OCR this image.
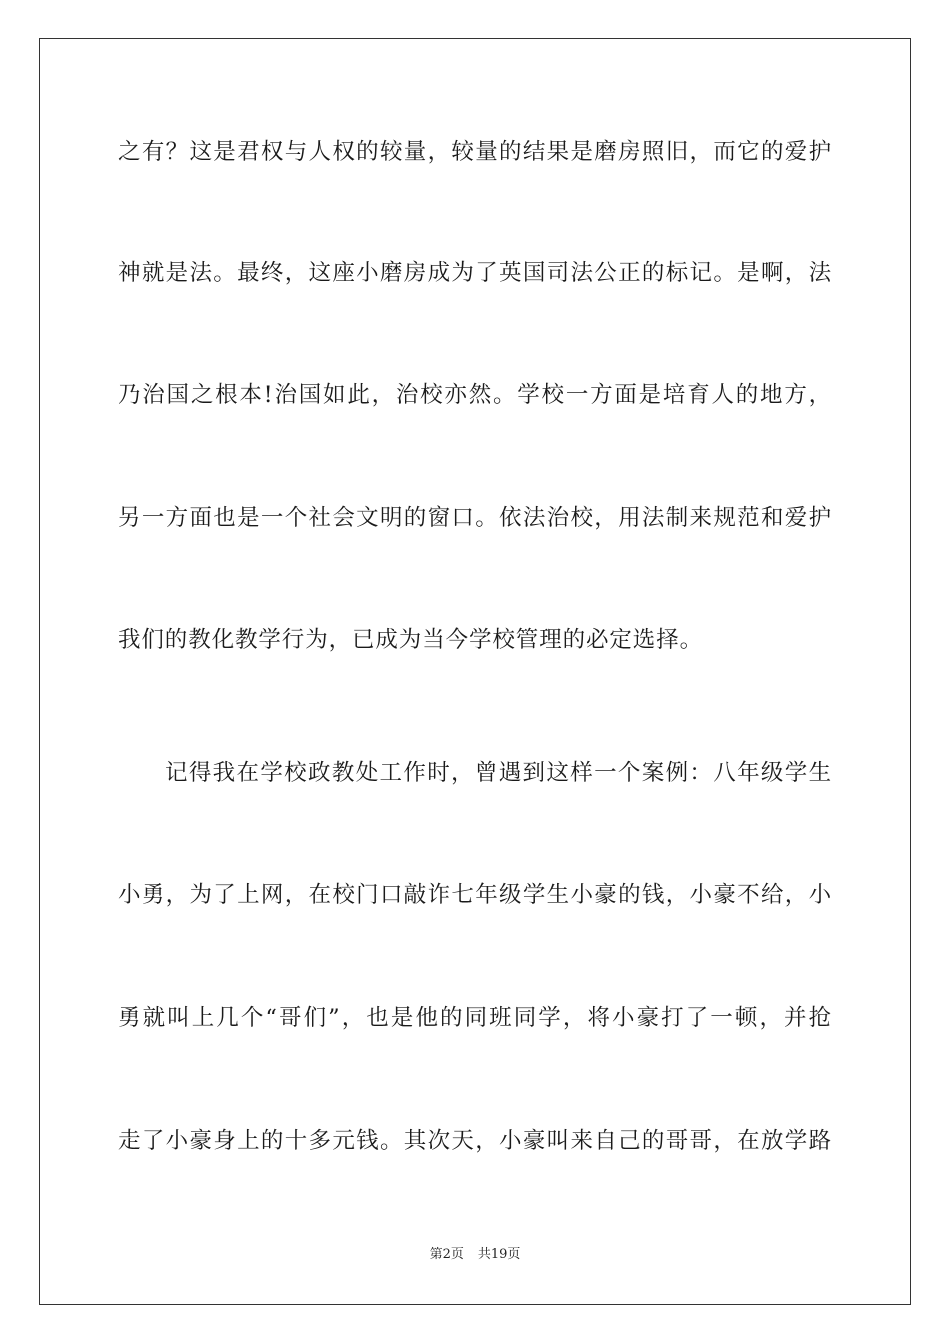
之有？这是君权与人权的较量，较量的结果是磨房照旧，而它的爱护
神就是法。最终，这座小磨房成为了英国司法公正的标记。是啊，法
乃治国之根本!治国如此，治校亦然。学校一方面是培育人的地方，
另一方面也是一个社会文明的窗口。依法治校，用法制来规范和爱护
我们的教化教学行为，已成为当今学校管理的必定选择。
记得我在学校政教处工作时，曾遇到这样一个案例：八年级学生
小勇，为了上网，在校门口敲诈七年级学生小豪的钱，小豪不给，小
勇就叫上几个“哥们”，也是他的同班同学，将小豪打了一顿，并抢
走了小豪身上的十多元钱。其次天，小豪叫来自己的哥哥，在放学路
第2页 共19页
